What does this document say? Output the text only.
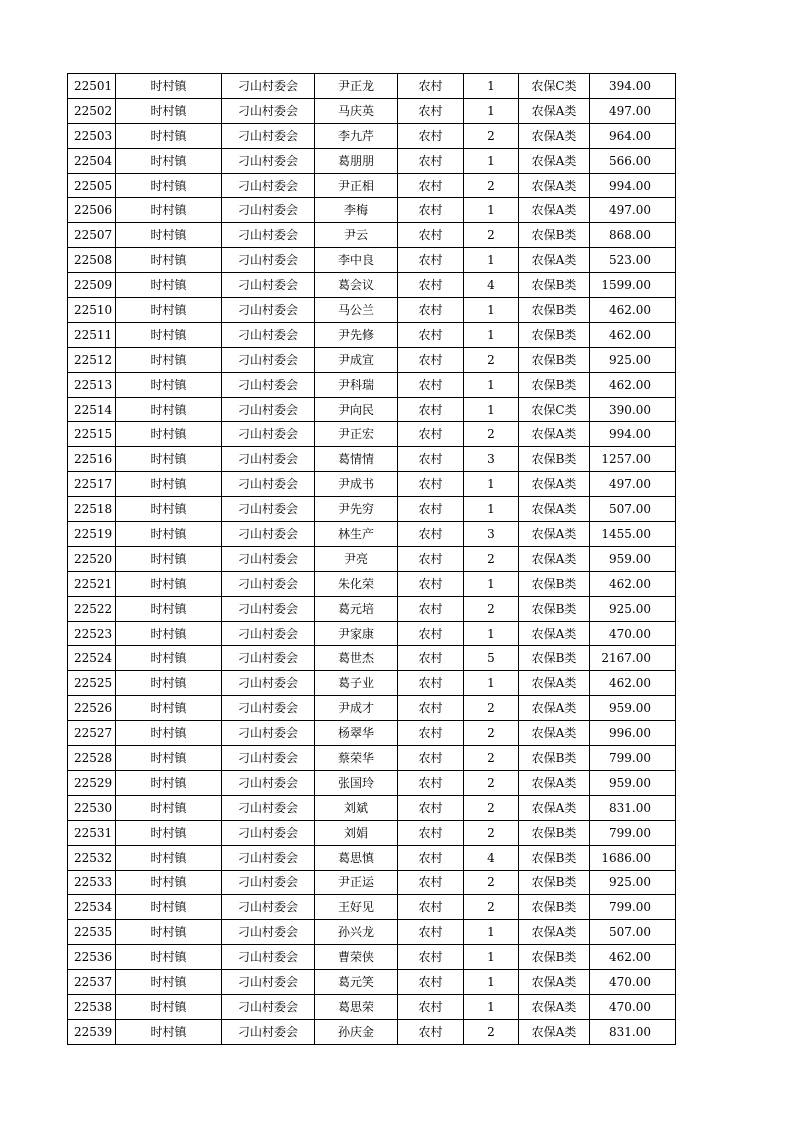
22501	时村镇	刁山村委会	尹正龙	农村	1	农保C类	394.00
22502	时村镇	刁山村委会	马庆英	农村	1	农保A类	497.00
22503	时村镇	刁山村委会	李九芹	农村	2	农保A类	964.00
22504	时村镇	刁山村委会	葛朋朋	农村	1	农保A类	566.00
22505	时村镇	刁山村委会	尹正相	农村	2	农保A类	994.00
22506	时村镇	刁山村委会	李梅	农村	1	农保A类	497.00
22507	时村镇	刁山村委会	尹云	农村	2	农保B类	868.00
22508	时村镇	刁山村委会	李中良	农村	1	农保A类	523.00
22509	时村镇	刁山村委会	葛会议	农村	4	农保B类	1599.00
22510	时村镇	刁山村委会	马公兰	农村	1	农保B类	462.00
22511	时村镇	刁山村委会	尹先修	农村	1	农保B类	462.00
22512	时村镇	刁山村委会	尹成宣	农村	2	农保B类	925.00
22513	时村镇	刁山村委会	尹科瑞	农村	1	农保B类	462.00
22514	时村镇	刁山村委会	尹向民	农村	1	农保C类	390.00
22515	时村镇	刁山村委会	尹正宏	农村	2	农保A类	994.00
22516	时村镇	刁山村委会	葛情情	农村	3	农保B类	1257.00
22517	时村镇	刁山村委会	尹成书	农村	1	农保A类	497.00
22518	时村镇	刁山村委会	尹先穷	农村	1	农保A类	507.00
22519	时村镇	刁山村委会	林生产	农村	3	农保A类	1455.00
22520	时村镇	刁山村委会	尹亮	农村	2	农保A类	959.00
22521	时村镇	刁山村委会	朱化荣	农村	1	农保B类	462.00
22522	时村镇	刁山村委会	葛元培	农村	2	农保B类	925.00
22523	时村镇	刁山村委会	尹家康	农村	1	农保A类	470.00
22524	时村镇	刁山村委会	葛世杰	农村	5	农保B类	2167.00
22525	时村镇	刁山村委会	葛子业	农村	1	农保A类	462.00
22526	时村镇	刁山村委会	尹成才	农村	2	农保A类	959.00
22527	时村镇	刁山村委会	杨翠华	农村	2	农保A类	996.00
22528	时村镇	刁山村委会	蔡荣华	农村	2	农保B类	799.00
22529	时村镇	刁山村委会	张国玲	农村	2	农保A类	959.00
22530	时村镇	刁山村委会	刘斌	农村	2	农保A类	831.00
22531	时村镇	刁山村委会	刘娟	农村	2	农保B类	799.00
22532	时村镇	刁山村委会	葛思慎	农村	4	农保B类	1686.00
22533	时村镇	刁山村委会	尹正运	农村	2	农保B类	925.00
22534	时村镇	刁山村委会	王好见	农村	2	农保B类	799.00
22535	时村镇	刁山村委会	孙兴龙	农村	1	农保A类	507.00
22536	时村镇	刁山村委会	曹荣侠	农村	1	农保B类	462.00
22537	时村镇	刁山村委会	葛元笑	农村	1	农保A类	470.00
22538	时村镇	刁山村委会	葛思荣	农村	1	农保A类	470.00
22539	时村镇	刁山村委会	孙庆金	农村	2	农保A类	831.00
